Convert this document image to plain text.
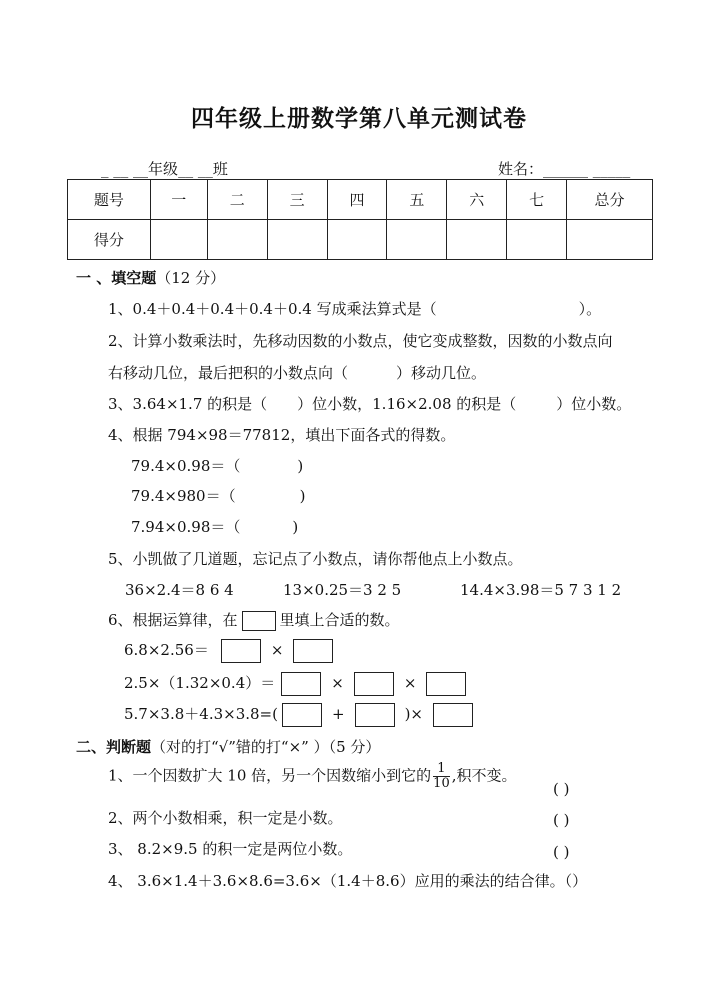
四年级上册数学第八单元测试卷
_ __ __年级__ __班	姓名：______ _____
题号	一	二	三	四	五	六	七	总分
得分								
一 、填空题（12 分）
1、0.4＋0.4＋0.4＋0.4＋0.4 写成乘法算式是（	）。
2、计算小数乘法时，先移动因数的小数点，使它变成整数，因数的小数点向
右移动几位，最后把积的小数点向（	）移动几位。
3、3.64×1.7 的积是（ ）位小数，1.16×2.08 的积是（	）位小数。
4、根据 794×98＝77812，填出下面各式的得数。
79.4×0.98＝（	)
79.4×980＝（	)
7.94×0.98＝（	)
5、小凯做了几道题，忘记点了小数点，请你帮他点上小数点。
36×2.4＝8 6 4	13×0.25＝3 2 5	14.4×3.98＝5 7 3 1 2
6、根据运算律，在	里填上合适的数。
6.8×2.56＝	×
2.5×（1.32×0.4）＝	×	×
5.7×3.8＋4.3×3.8=(	+	)×
二、判断题（对的打“√”错的打“×” ）（5 分）
1、一个因数扩大 10 倍，另一个因数缩小到它的 $\frac{1}{10}$ ,积不变。
( )
2、两个小数相乘，积一定是小数。	( )
3、 8.2×9.5 的积一定是两位小数。	( )
4、 3.6×1.4＋3.6×8.6=3.6×（1.4＋8.6）应用的乘法的结合律。（）
